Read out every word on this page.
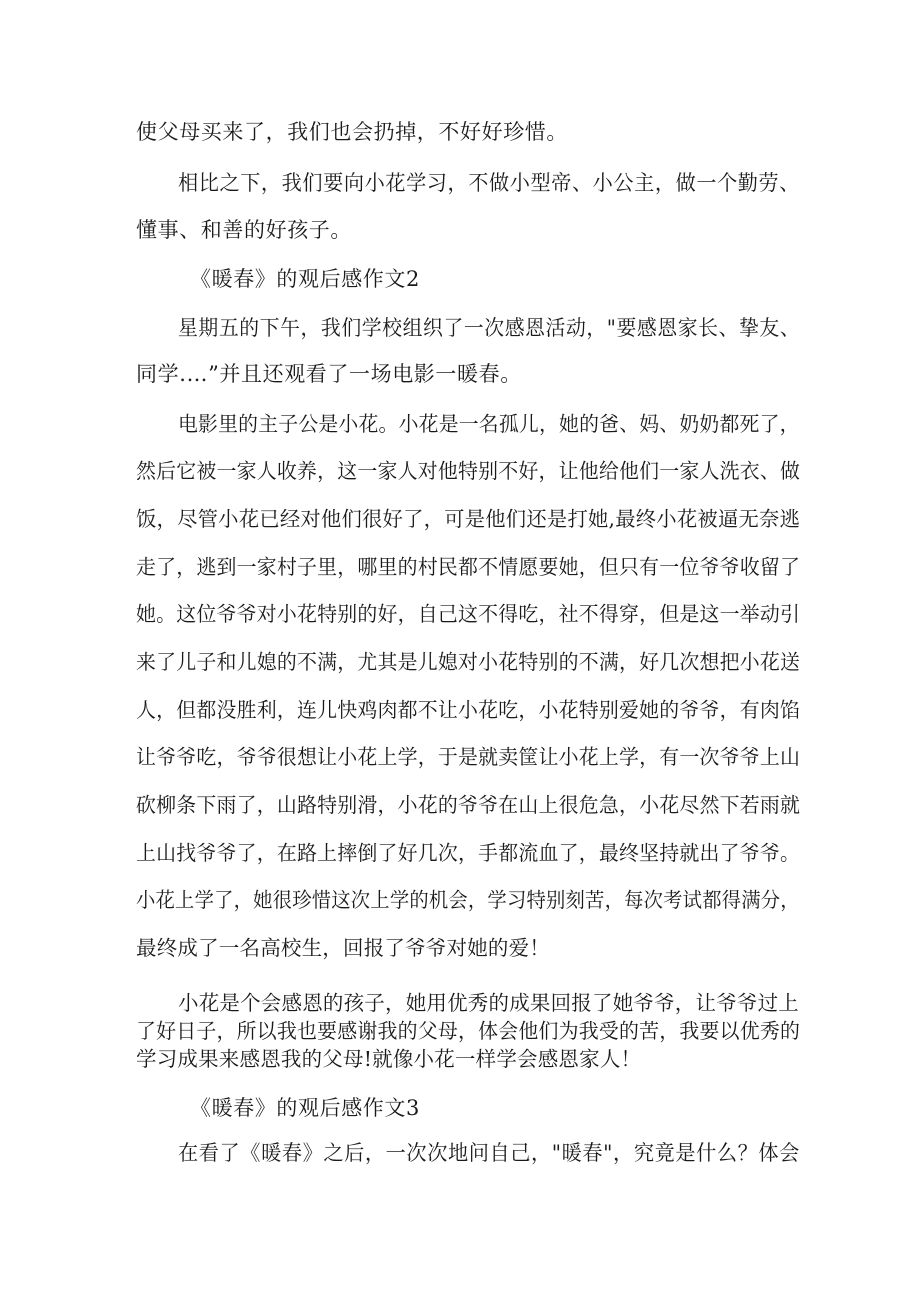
使父母买来了，我们也会扔掉，不好好珍惜。
相比之下，我们要向小花学习，不做小型帝、小公主，做一个勤劳、
懂事、和善的好孩子。
《暖春》的观后感作文2
星期五的下午，我们学校组织了一次感恩活动，"要感恩家长、挚友、
同学.…”并且还观看了一场电影一暖春。
电影里的主子公是小花。小花是一名孤儿，她的爸、妈、奶奶都死了，
然后它被一家人收养，这一家人对他特别不好，让他给他们一家人洗衣、做
饭，尽管小花已经对他们很好了，可是他们还是打她,最终小花被逼无奈逃
走了，逃到一家村子里，哪里的村民都不情愿要她，但只有一位爷爷收留了
她。这位爷爷对小花特别的好，自己这不得吃，社不得穿，但是这一举动引
来了儿子和儿媳的不满，尤其是儿媳对小花特别的不满，好几次想把小花送
人，但都没胜利，连儿快鸡肉都不让小花吃，小花特别爱她的爷爷，有肉馅
让爷爷吃，爷爷很想让小花上学，于是就卖筐让小花上学，有一次爷爷上山
砍柳条下雨了，山路特别滑，小花的爷爷在山上很危急，小花尽然下若雨就
上山找爷爷了，在路上摔倒了好几次，手都流血了，最终坚持就出了爷爷。
小花上学了，她很珍惜这次上学的机会，学习特别刻苦，每次考试都得满分，
最终成了一名高校生，回报了爷爷对她的爱！
小花是个会感恩的孩子，她用优秀的成果回报了她爷爷，让爷爷过上
了好日子，所以我也要感谢我的父母，体会他们为我受的苦，我要以优秀的
学习成果来感恩我的父母!就像小花一样学会感恩家人！
《暖春》的观后感作文3
在看了《暖春》之后，一次次地问自己，"暖春"，究竟是什么？体会
